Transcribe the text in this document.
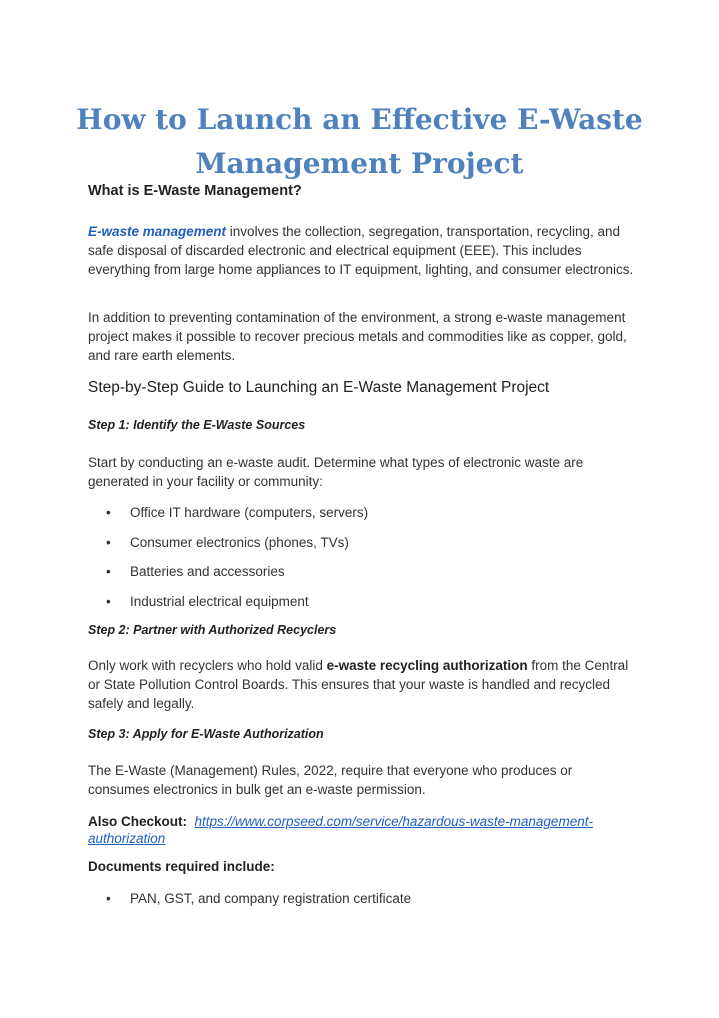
How to Launch an Effective E-Waste
Management Project
What is E-Waste Management?

E-waste management involves the collection, segregation, transportation, recycling, and safe disposal of discarded electronic and electrical equipment (EEE). This includes everything from large home appliances to IT equipment, lighting, and consumer electronics.

In addition to preventing contamination of the environment, a strong e-waste management project makes it possible to recover precious metals and commodities like as copper, gold, and rare earth elements.

Step-by-Step Guide to Launching an E-Waste Management Project
Step 1: Identify the E-Waste Sources

Start by conducting an e-waste audit. Determine what types of electronic waste are generated in your facility or community:

• Office IT hardware (computers, servers)

• Consumer electronics (phones, TVs)

• Batteries and accessories

• Industrial electrical equipment

Step 2: Partner with Authorized Recyclers

Only work with recyclers who hold valid e-waste recycling authorization from the Central or State Pollution Control Boards. This ensures that your waste is handled and recycled safely and legally.

Step 3: Apply for E-Waste Authorization

The E-Waste (Management) Rules, 2022, require that everyone who produces or consumes electronics in bulk get an e-waste permission.

Also Checkout: https://www.corpseed.com/service/hazardous-waste-management-authorization

Documents required include:

• PAN, GST, and company registration certificate
